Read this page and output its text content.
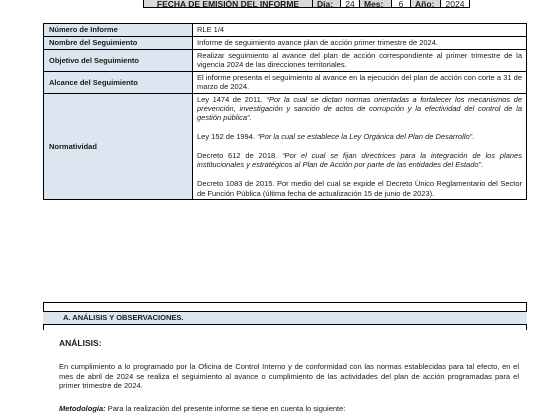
FECHA DE EMISIÓN DEL INFORME	Día:	24	Mes:	6	Año:	2024
Número de Informe	RLE 1/4
Nombre del Seguimiento	Informe de seguimiento avance plan de acción primer trimestre de 2024.
Objetivo del Seguimiento	Realizar seguimiento al avance del plan de acción correspondiente al primer trimestre de la vigencia 2024 de las direcciones territoriales.
Alcance del Seguimiento	El informe presenta el seguimiento al avance en la ejecución del plan de acción con corte a 31 de marzo de 2024.
Normatividad	Ley 1474 de 2011. “Por la cual se dictan normas orientadas a fortalecer los mecanismos de prevención, investigación y sanción de actos de corrupción y la efectividad del control de la gestión pública”.

Ley 152 de 1994. “Por la cual se establece la Ley Orgánica del Plan de Desarrollo”.

Decreto 612 de 2018. “Por el cual se fijan directrices para la integración de los planes institucionales y estratégicos al Plan de Acción por parte de las entidades del Estado”.

Decreto 1083 de 2015. Por medio del cual se expide el Decreto Único Reglamentario del Sector de Función Pública (última fecha de actualización 15 de junio de 2023).

A. ANÁLISIS Y OBSERVACIONES.
ANÁLISIS:
En cumplimiento a lo programado por la Oficina de Control Interno y de conformidad con las normas establecidas para tal efecto, en el mes de abril de 2024 se realiza el seguimiento al avance o cumplimiento de las actividades del plan de acción programadas para el primer trimestre de 2024.
Metodología: Para la realización del presente informe se tiene en cuenta lo siguiente:
